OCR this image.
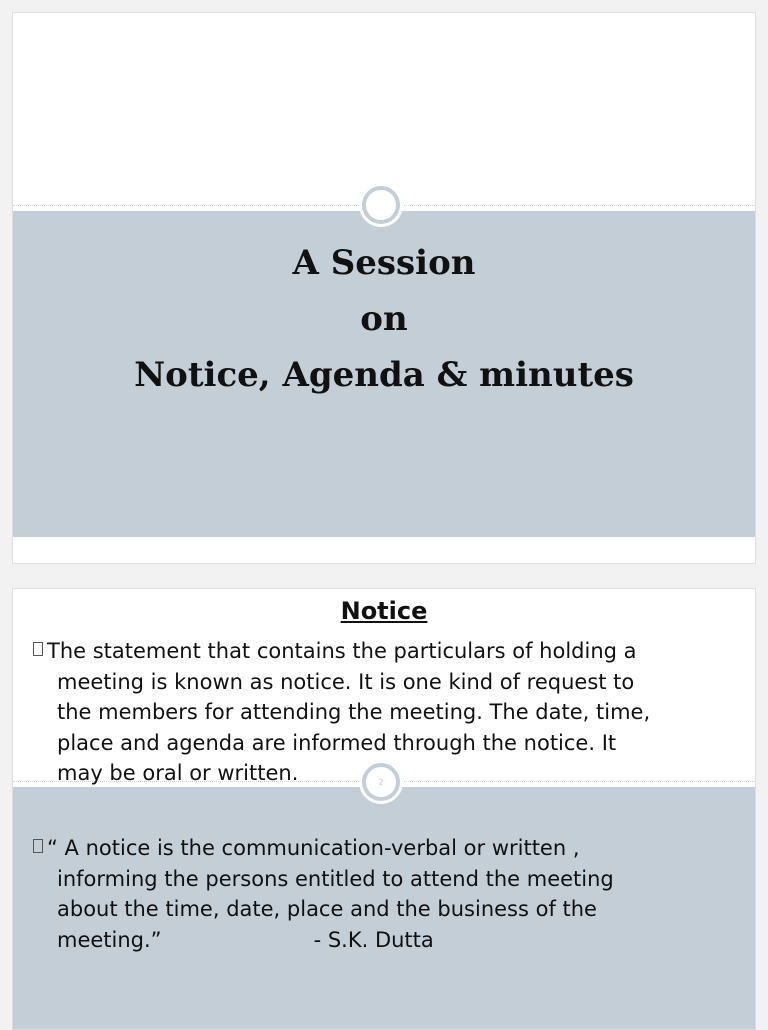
A Session
on
Notice, Agenda & minutes
2
Notice
The statement that contains the particulars of holding a
meeting is known as notice. It is one kind of request to
the members for attending the meeting. The date, time,
place and agenda are informed through the notice. It
may be oral or written.
“ A notice is the communication-verbal or written ,
informing the persons entitled to attend the meeting
about the time, date, place and the business of the
meeting.”	- S.K. Dutta
